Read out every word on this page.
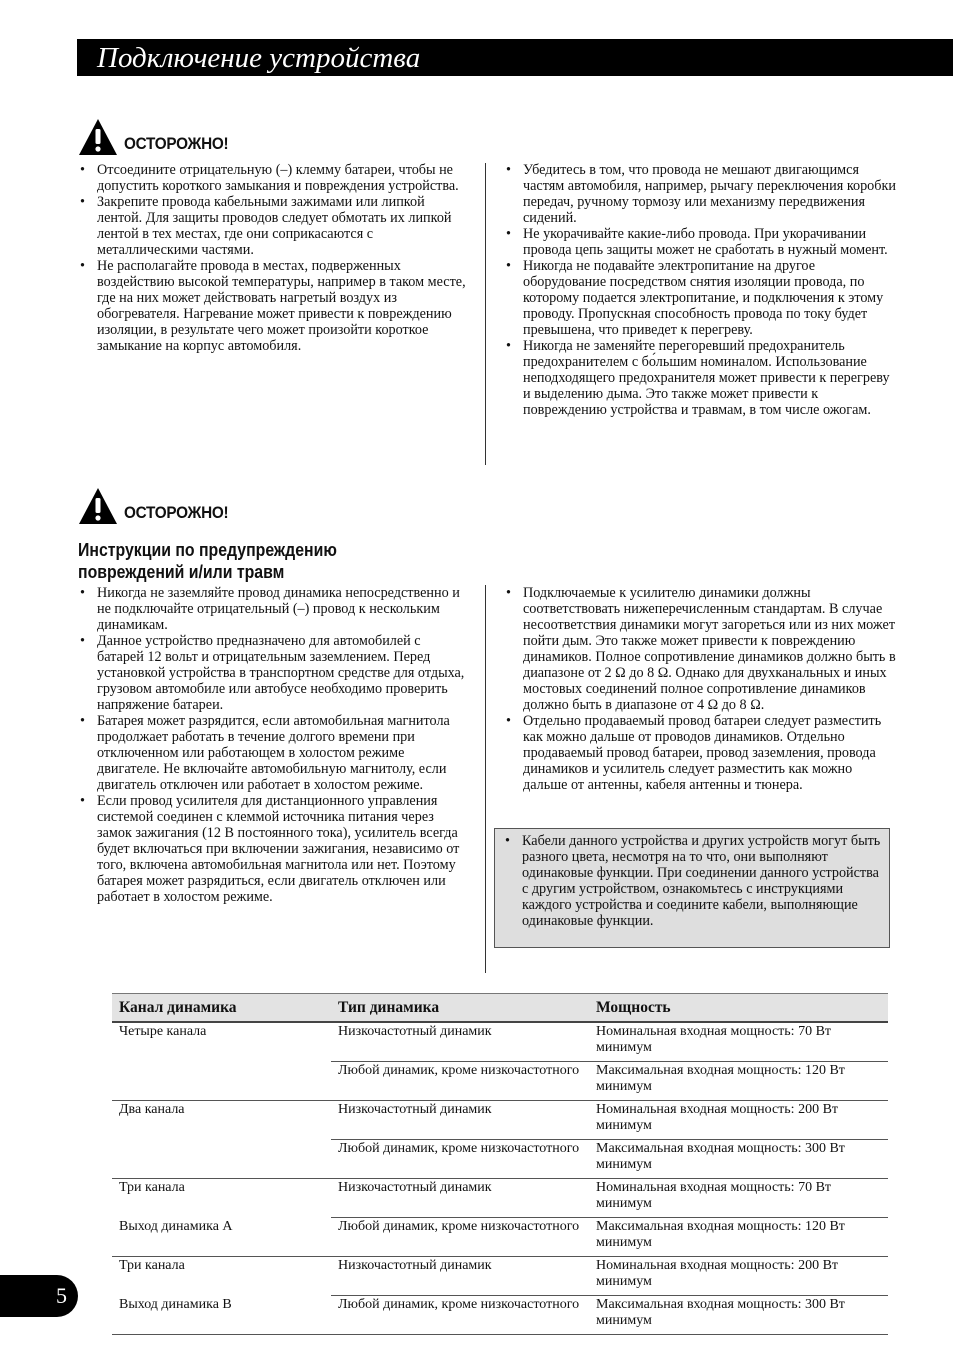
Подключение устройства
ОСТОРОЖНО!
• Отсоедините отрицательную (–) клемму батареи, чтобы не допустить короткого замыкания и повреждения устройства.
• Закрепите провода кабельными зажимами или липкой лентой. Для защиты проводов следует обмотать их липкой лентой в тех местах, где они соприкасаются с металлическими частями.
• Не располагайте провода в местах, подверженных воздействию высокой температуры, например в таком месте, где на них может действовать нагретый воздух из обогревателя. Нагревание может привести к повреждению изоляции, в результате чего может произойти короткое замыкание на корпус автомобиля.
• Убедитесь в том, что провода не мешают двигающимся частям автомобиля, например, рычагу переключения коробки передач, ручному тормозу или механизму передвижения сидений.
• Не укорачивайте какие-либо провода. При укорачивании провода цепь защиты может не сработать в нужный момент.
• Никогда не подавайте электропитание на другое оборудование посредством снятия изоляции провода, по которому подается электропитание, и подключения к этому проводу. Пропускная способность провода по току будет превышена, что приведет к перегреву.
• Никогда не заменяйте перегоревший предохранитель предохранителем с бо́льшим номиналом. Использование неподходящего предохранителя может привести к перегреву и выделению дыма. Это также может привести к повреждению устройства и травмам, в том числе ожогам.
ОСТОРОЖНО!
Инструкции по предупреждению повреждений и/или травм
• Никогда не заземляйте провод динамика непосредственно и не подключайте отрицательный (–) провод к нескольким динамикам.
• Данное устройство предназначено для автомобилей с батарей 12 вольт и отрицательным заземлением. Перед установкой устройства в транспортном средстве для отдыха, грузовом автомобиле или автобусе необходимо проверить напряжение батареи.
• Батарея может разрядится, если автомобильная магнитола продолжает работать в течение долгого времени при отключенном или работающем в холостом режиме двигателе. Не включайте автомобильную магнитолу, если двигатель отключен или работает в холостом режиме.
• Если провод усилителя для дистанционного управления системой соединен с клеммой источника питания через замок зажигания (12 В постоянного тока), усилитель всегда будет включаться при включении зажигания, независимо от того, включена автомобильная магнитола или нет. Поэтому батарея может разрядиться, если двигатель отключен или работает в холостом режиме.
• Подключаемые к усилителю динамики должны соответствовать нижеперечисленным стандартам. В случае несоответствия динамики могут загореться или из них может пойти дым. Это также может привести к повреждению динамиков. Полное сопротивление динамиков должно быть в диапазоне от 2 Ω до 8 Ω. Однако для двухканальных и иных мостовых соединений полное сопротивление динамиков должно быть в диапазоне от 4 Ω до 8 Ω.
• Отдельно продаваемый провод батареи следует разместить как можно дальше от проводов динамиков. Отдельно продаваемый провод батареи, провод заземления, провода динамиков и усилитель следует разместить как можно дальше от антенны, кабеля антенны и тюнера.
• Кабели данного устройства и других устройств могут быть разного цвета, несмотря на то что, они выполняют одинаковые функции. При соединении данного устройства с другим устройством, ознакомьтесь с инструкциями каждого устройства и соедините кабели, выполняющие одинаковые функции.
Канал динамика	Тип динамика	Мощность
Четыре канала	Низкочастотный динамик	Номинальная входная мощность: 70 Вт минимум
	Любой динамик, кроме низкочастотного	Максимальная входная мощность: 120 Вт минимум
Два канала	Низкочастотный динамик	Номинальная входная мощность: 200 Вт минимум
	Любой динамик, кроме низкочастотного	Максимальная входная мощность: 300 Вт минимум
Три канала	Низкочастотный динамик	Номинальная входная мощность: 70 Вт минимум
Выход динамика A	Любой динамик, кроме низкочастотного	Максимальная входная мощность: 120 Вт минимум
Три канала	Низкочастотный динамик	Номинальная входная мощность: 200 Вт минимум
Выход динамика B	Любой динамик, кроме низкочастотного	Максимальная входная мощность: 300 Вт минимум
5
